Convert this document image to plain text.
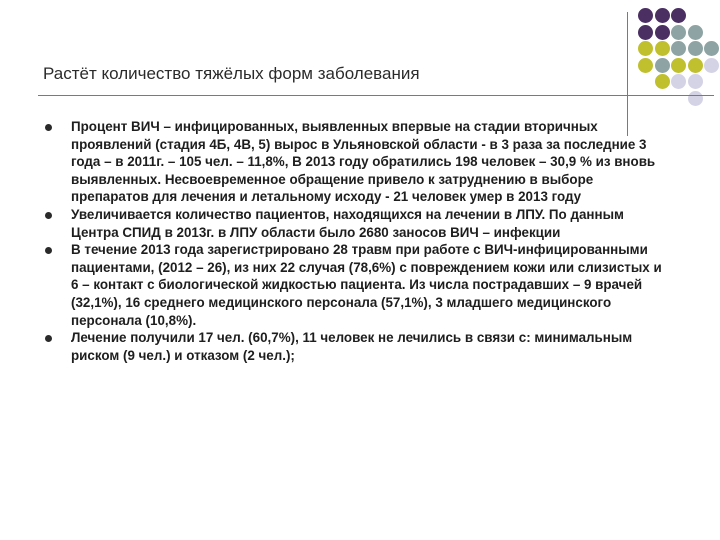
Растёт количество тяжёлых форм заболевания
Процент ВИЧ – инфицированных, выявленных впервые на стадии вторичных проявлений (стадия 4Б, 4В, 5) вырос в Ульяновской области - в 3 раза за последние 3 года – в 2011г. – 105 чел. – 11,8%, В 2013 году обратились 198 человек – 30,9 % из вновь выявленных. Несвоевременное обращение привело к затруднению в выборе препаратов для лечения и летальному исходу - 21 человек умер в 2013 году
Увеличивается количество пациентов, находящихся на лечении в ЛПУ. По данным Центра СПИД в 2013г. в ЛПУ области было 2680 заносов ВИЧ – инфекции
В течение 2013 года зарегистрировано 28 травм при работе с ВИЧ-инфицированными пациентами, (2012 – 26), из них 22 случая (78,6%) с повреждением кожи или слизистых и 6 – контакт с биологической жидкостью пациента. Из числа пострадавших – 9 врачей (32,1%), 16 среднего медицинского персонала (57,1%), 3 младшего медицинского персонала (10,8%).
Лечение получили 17 чел. (60,7%), 11 человек не лечились в связи с: минимальным риском (9 чел.) и отказом (2 чел.);
